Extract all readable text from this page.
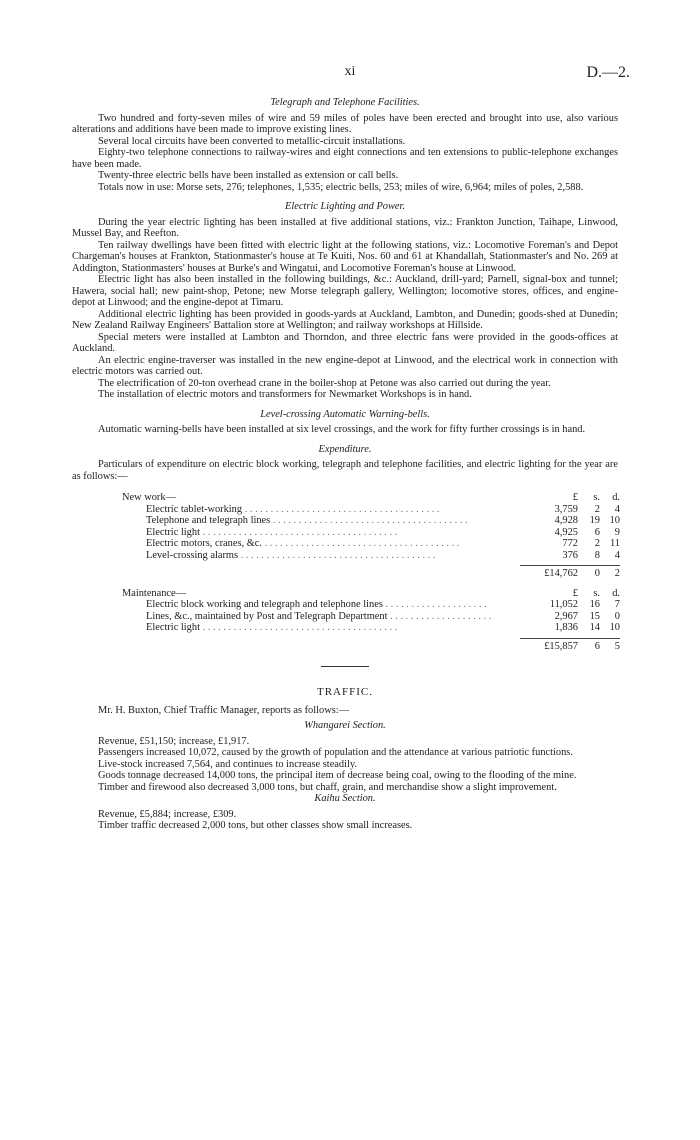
xi	D.—2.
Telegraph and Telephone Facilities.

Two hundred and forty-seven miles of wire and 59 miles of poles have been erected and brought into use, also various alterations and additions have been made to improve existing lines.

Several local circuits have been converted to metallic-circuit installations.

Eighty-two telephone connections to railway-wires and eight connections and ten extensions to public-telephone exchanges have been made.

Twenty-three electric bells have been installed as extension or call bells.

Totals now in use: Morse sets, 276; telephones, 1,535; electric bells, 253; miles of wire, 6,964; miles of poles, 2,588.

Electric Lighting and Power.

During the year electric lighting has been installed at five additional stations, viz.: Frankton Junction, Taihape, Linwood, Mussel Bay, and Reefton.

Ten railway dwellings have been fitted with electric light at the following stations, viz.: Locomotive Foreman's and Depot Chargeman's houses at Frankton, Stationmaster's house at Te Kuiti, Nos. 60 and 61 at Khandallah, Stationmaster's and No. 269 at Addington, Stationmasters' houses at Burke's and Wingatui, and Locomotive Foreman's house at Linwood.

Electric light has also been installed in the following buildings, &c.: Auckland, drill-yard; Parnell, signal-box and tunnel; Hawera, social hall; new paint-shop, Petone; new Morse telegraph gallery, Wellington; locomotive stores, offices, and engine-depot at Linwood; and the engine-depot at Timaru.

Additional electric lighting has been provided in goods-yards at Auckland, Lambton, and Dunedin; goods-shed at Dunedin; New Zealand Railway Engineers' Battalion store at Wellington; and railway workshops at Hillside.

Special meters were installed at Lambton and Thorndon, and three electric fans were provided in the goods-offices at Auckland.

An electric engine-traverser was installed in the new engine-depot at Linwood, and the electrical work in connection with electric motors was carried out.

The electrification of 20-ton overhead crane in the boiler-shop at Petone was also carried out during the year.

The installation of electric motors and transformers for Newmarket Workshops is in hand.

Level-crossing Automatic Warning-bells.

Automatic warning-bells have been installed at six level crossings, and the work for fifty further crossings is in hand.

Expenditure.

Particulars of expenditure on electric block working, telegraph and telephone facilities, and electric lighting for the year are as follows:—

New work—	£	s.	d.
Electric tablet-working . . . . . . . . . . . . . . . . . . . . . . . . . . . . . . . . . . . . . .	3,759	2	4
Telephone and telegraph lines . . . . . . . . . . . . . . . . . . . . . . . . . . . . . . . . . . . . . .	4,928	19 10
Electric light . . . . . . . . . . . . . . . . . . . . . . . . . . . . . . . . . . . . . .	4,925	6	9
Electric motors, cranes, &c. . . . . . . . . . . . . . . . . . . . . . . . . . . . . . . . . . . . . . .	772	2 11
Level-crossing alarms . . . . . . . . . . . . . . . . . . . . . . . . . . . . . . . . . . . . . .	376	8	4
£14,762	0	2
Maintenance—	£	s.	d.
Electric block working and telegraph and telephone lines . . . . . . . . . . . . . . . . . . . .	11,052	16	7
Lines, &c., maintained by Post and Telegraph Department . . . . . . . . . . . . . . . . . . . .	2,967	15	0
Electric light . . . . . . . . . . . . . . . . . . . . . . . . . . . . . . . . . . . . . .	1,836	14 10
£15,857	6	5
TRAFFIC.

Mr. H. Buxton, Chief Traffic Manager, reports as follows:—

Whangarei Section.

Revenue, £51,150; increase, £1,917.

Passengers increased 10,072, caused by the growth of population and the attendance at various patriotic functions.

Live-stock increased 7,564, and continues to increase steadily.

Goods tonnage decreased 14,000 tons, the principal item of decrease being coal, owing to the flooding of the mine.

Timber and firewood also decreased 3,000 tons, but chaff, grain, and merchandise show a slight improvement.

Kaihu Section.

Revenue, £5,884; increase, £309.

Timber traffic decreased 2,000 tons, but other classes show small increases.
